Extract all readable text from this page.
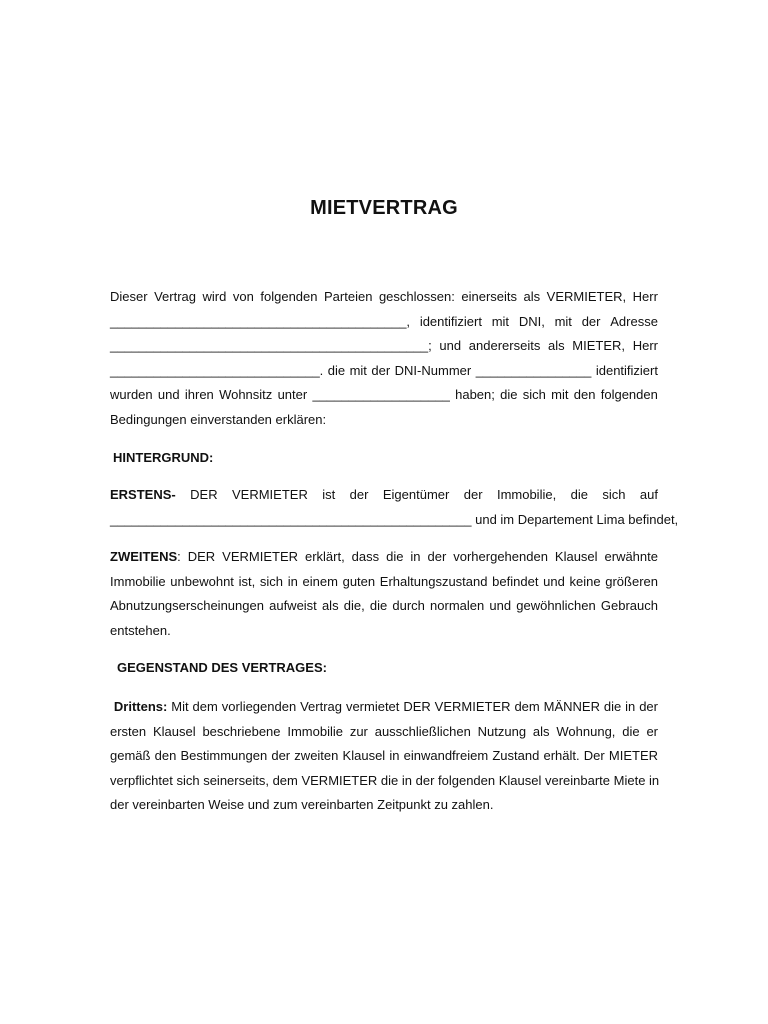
MIETVERTRAG
Dieser Vertrag wird von folgenden Parteien geschlossen: einerseits als VERMIETER, Herr
_________________________________________, identifiziert mit DNI, mit der Adresse
____________________________________________; und andererseits als MIETER, Herr
_____________________________. die mit der DNI-Nummer ________________ identifiziert
wurden und ihren Wohnsitz unter ___________________ haben; die sich mit den folgenden
Bedingungen einverstanden erklären:
HINTERGRUND:
ERSTENS- DER VERMIETER ist der Eigentümer der Immobilie, die sich auf
__________________________________________________ und im Departement Lima befindet,
ZWEITENS: DER VERMIETER erklärt, dass die in der vorhergehenden Klausel erwähnte
Immobilie unbewohnt ist, sich in einem guten Erhaltungszustand befindet und keine größeren
Abnutzungserscheinungen aufweist als die, die durch normalen und gewöhnlichen Gebrauch
entstehen.
GEGENSTAND DES VERTRAGES:
Drittens: Mit dem vorliegenden Vertrag vermietet DER VERMIETER dem MÄNNER die in der
ersten Klausel beschriebene Immobilie zur ausschließlichen Nutzung als Wohnung, die er
gemäß den Bestimmungen der zweiten Klausel in einwandfreiem Zustand erhält. Der MIETER
verpflichtet sich seinerseits, dem VERMIETER die in der folgenden Klausel vereinbarte Miete in
der vereinbarten Weise und zum vereinbarten Zeitpunkt zu zahlen.
